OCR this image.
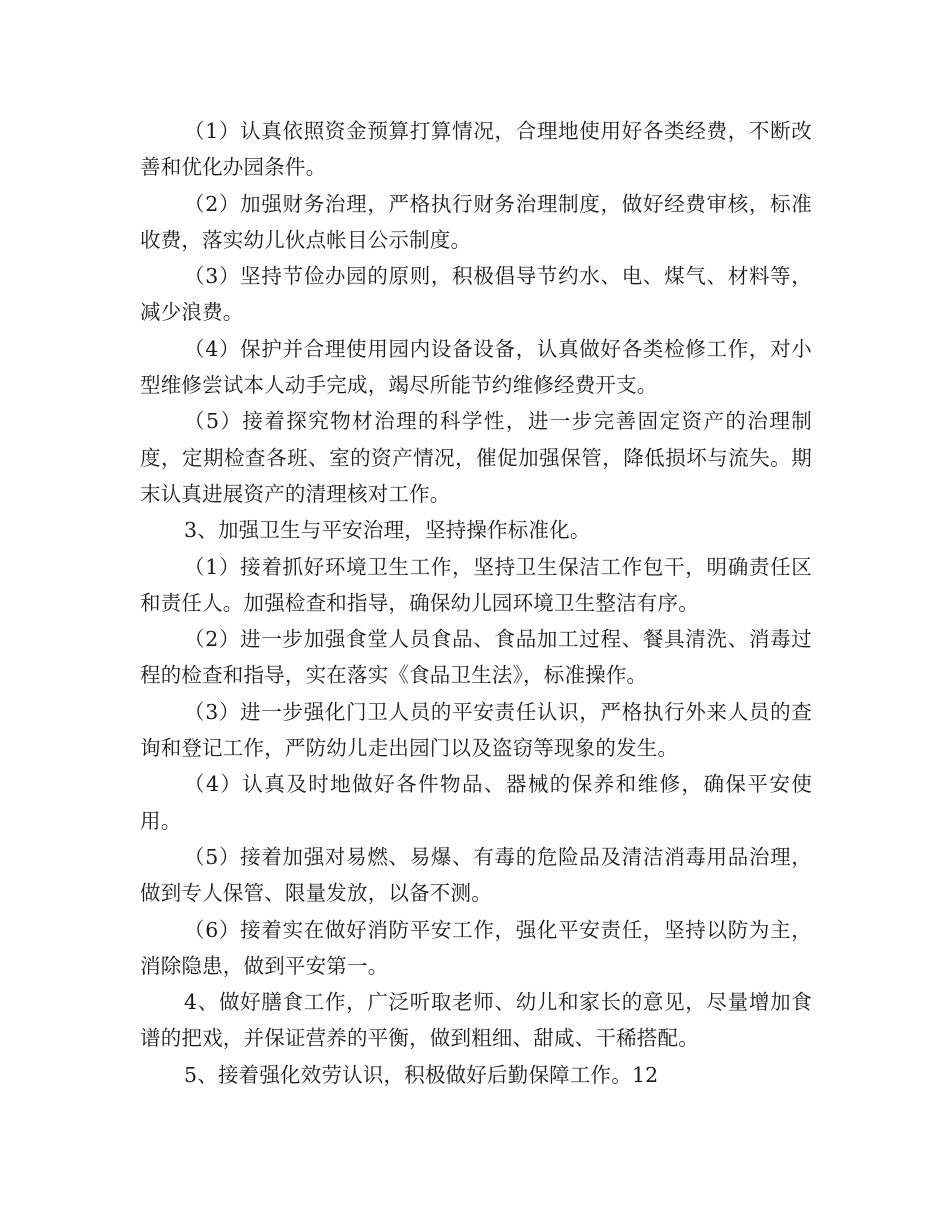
（1）认真依照资金预算打算情况，合理地使用好各类经费，不断改善和优化办园条件。

（2）加强财务治理，严格执行财务治理制度，做好经费审核，标准收费，落实幼儿伙点帐目公示制度。

（3）坚持节俭办园的原则，积极倡导节约水、电、煤气、材料等，减少浪费。

（4）保护并合理使用园内设备设备，认真做好各类检修工作，对小型维修尝试本人动手完成，竭尽所能节约维修经费开支。

（5）接着探究物材治理的科学性，进一步完善固定资产的治理制度，定期检查各班、室的资产情况，催促加强保管，降低损坏与流失。期末认真进展资产的清理核对工作。

3、加强卫生与平安治理，坚持操作标准化。

（1）接着抓好环境卫生工作，坚持卫生保洁工作包干，明确责任区和责任人。加强检查和指导，确保幼儿园环境卫生整洁有序。

（2）进一步加强食堂人员食品、食品加工过程、餐具清洗、消毒过程的检查和指导，实在落实《食品卫生法》，标准操作。

（3）进一步强化门卫人员的平安责任认识，严格执行外来人员的查询和登记工作，严防幼儿走出园门以及盗窃等现象的发生。

（4）认真及时地做好各件物品、器械的保养和维修，确保平安使用。

（5）接着加强对易燃、易爆、有毒的危险品及清洁消毒用品治理，做到专人保管、限量发放，以备不测。

（6）接着实在做好消防平安工作，强化平安责任，坚持以防为主，消除隐患，做到平安第一。

4、做好膳食工作，广泛听取老师、幼儿和家长的意见，尽量增加食谱的把戏，并保证营养的平衡，做到粗细、甜咸、干稀搭配。

5、接着强化效劳认识，积极做好后勤保障工作。12
